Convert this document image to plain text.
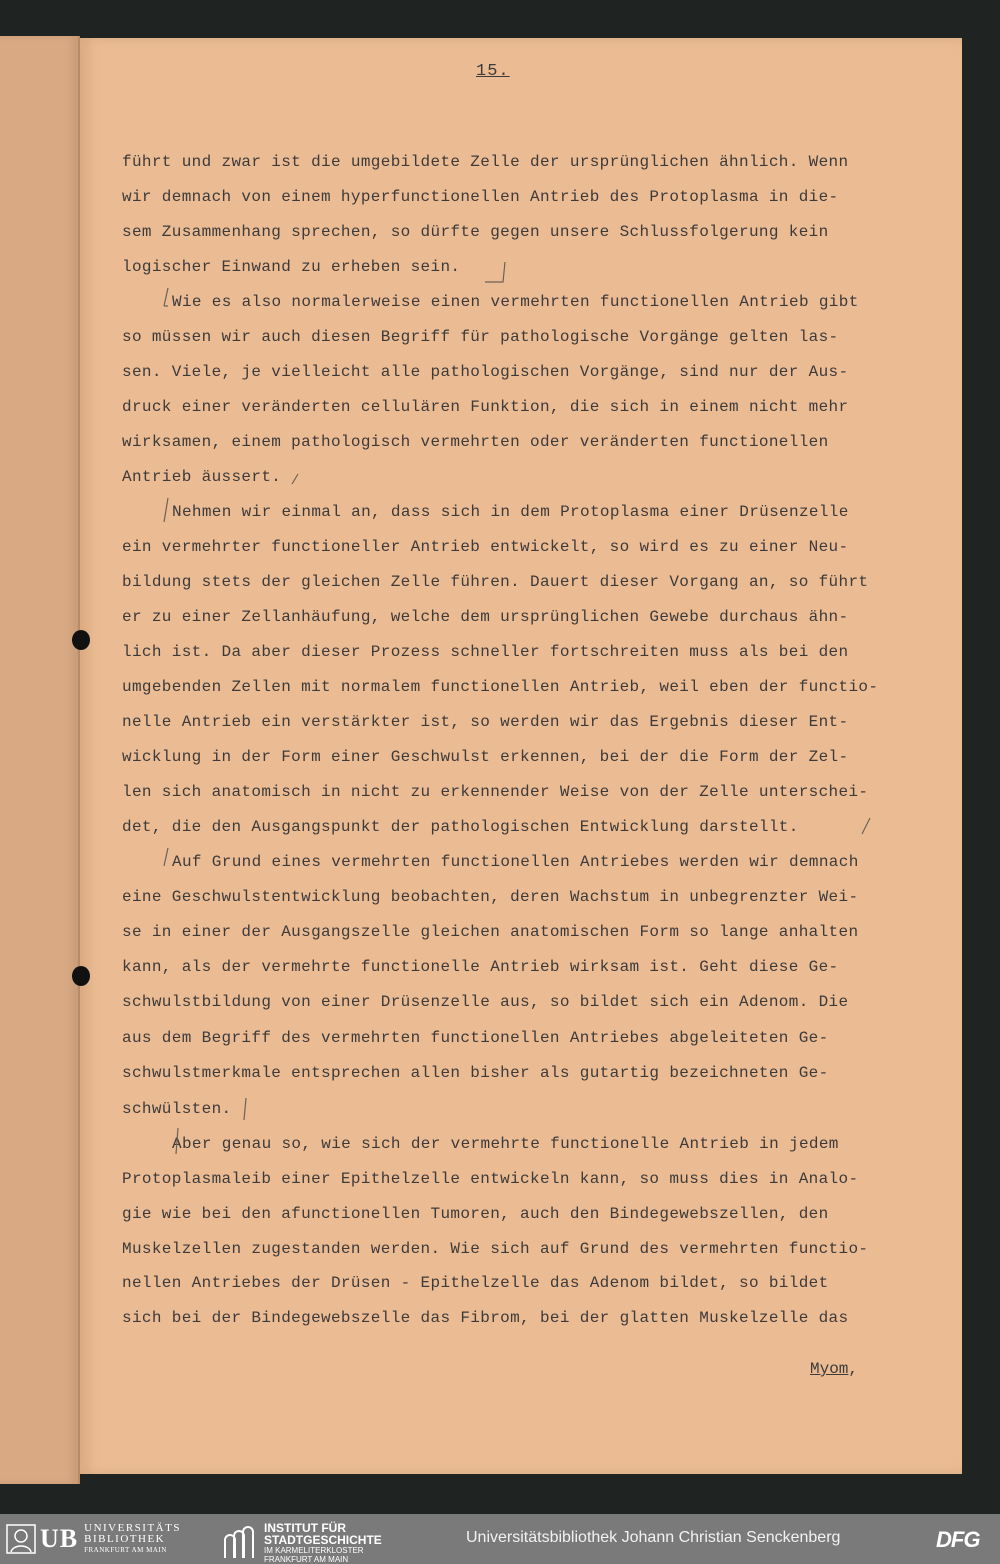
15.
führt und zwar ist die umgebildete Zelle der ursprünglichen ähnlich. Wenn
wir demnach von einem hyperfunctionellen Antrieb des Protoplasma in die-
sem Zusammenhang sprechen, so dürfte gegen unsere Schlussfolgerung kein
logischer Einwand zu erheben sein.
Wie es also normalerweise einen vermehrten functionellen Antrieb gibt
so müssen wir auch diesen Begriff für pathologische Vorgänge gelten las-
sen. Viele, je vielleicht alle pathologischen Vorgänge, sind nur der Aus-
druck einer veränderten cellulären Funktion, die sich in einem nicht mehr
wirksamen, einem pathologisch vermehrten oder veränderten functionellen
Antrieb äussert.
Nehmen wir einmal an, dass sich in dem Protoplasma einer Drüsenzelle
ein vermehrter functioneller Antrieb entwickelt, so wird es zu einer Neu-
bildung stets der gleichen Zelle führen. Dauert dieser Vorgang an, so führt
er zu einer Zellanhäufung, welche dem ursprünglichen Gewebe durchaus ähn-
lich ist. Da aber dieser Prozess schneller fortschreiten muss als bei den
umgebenden Zellen mit normalem functionellen Antrieb, weil eben der functio-
nelle Antrieb ein verstärkter ist, so werden wir das Ergebnis dieser Ent-
wicklung in der Form einer Geschwulst erkennen, bei der die Form der Zel-
len sich anatomisch in nicht zu erkennender Weise von der Zelle unterschei-
det, die den Ausgangspunkt der pathologischen Entwicklung darstellt.
Auf Grund eines vermehrten functionellen Antriebes werden wir demnach
eine Geschwulstentwicklung beobachten, deren Wachstum in unbegrenzter Wei-
se in einer der Ausgangszelle gleichen anatomischen Form so lange anhalten
kann, als der vermehrte functionelle Antrieb wirksam ist. Geht diese Ge-
schwulstbildung von einer Drüsenzelle aus, so bildet sich ein Adenom. Die
aus dem Begriff des vermehrten functionellen Antriebes abgeleiteten Ge-
schwulstmerkmale entsprechen allen bisher als gutartig bezeichneten Ge-
schwülsten.
Aber genau so, wie sich der vermehrte functionelle Antrieb in jedem
Protoplasmaleib einer Epithelzelle entwickeln kann, so muss dies in Analo-
gie wie bei den afunctionellen Tumoren, auch den Bindegewebszellen, den
Muskelzellen zugestanden werden. Wie sich auf Grund des vermehrten functio-
nellen Antriebes der Drüsen - Epithelzelle das Adenom bildet, so bildet
sich bei der Bindegewebszelle das Fibrom, bei der glatten Muskelzelle das
Myom,
UB UNIVERSITÄTS
BIBLIOTHEK
FRANKFURT AM MAIN
INSTITUT FÜR
STADTGESCHICHTE
IM KARMELITERKLOSTER
FRANKFURT AM MAIN
Universitätsbibliothek Johann Christian Senckenberg	DFG
